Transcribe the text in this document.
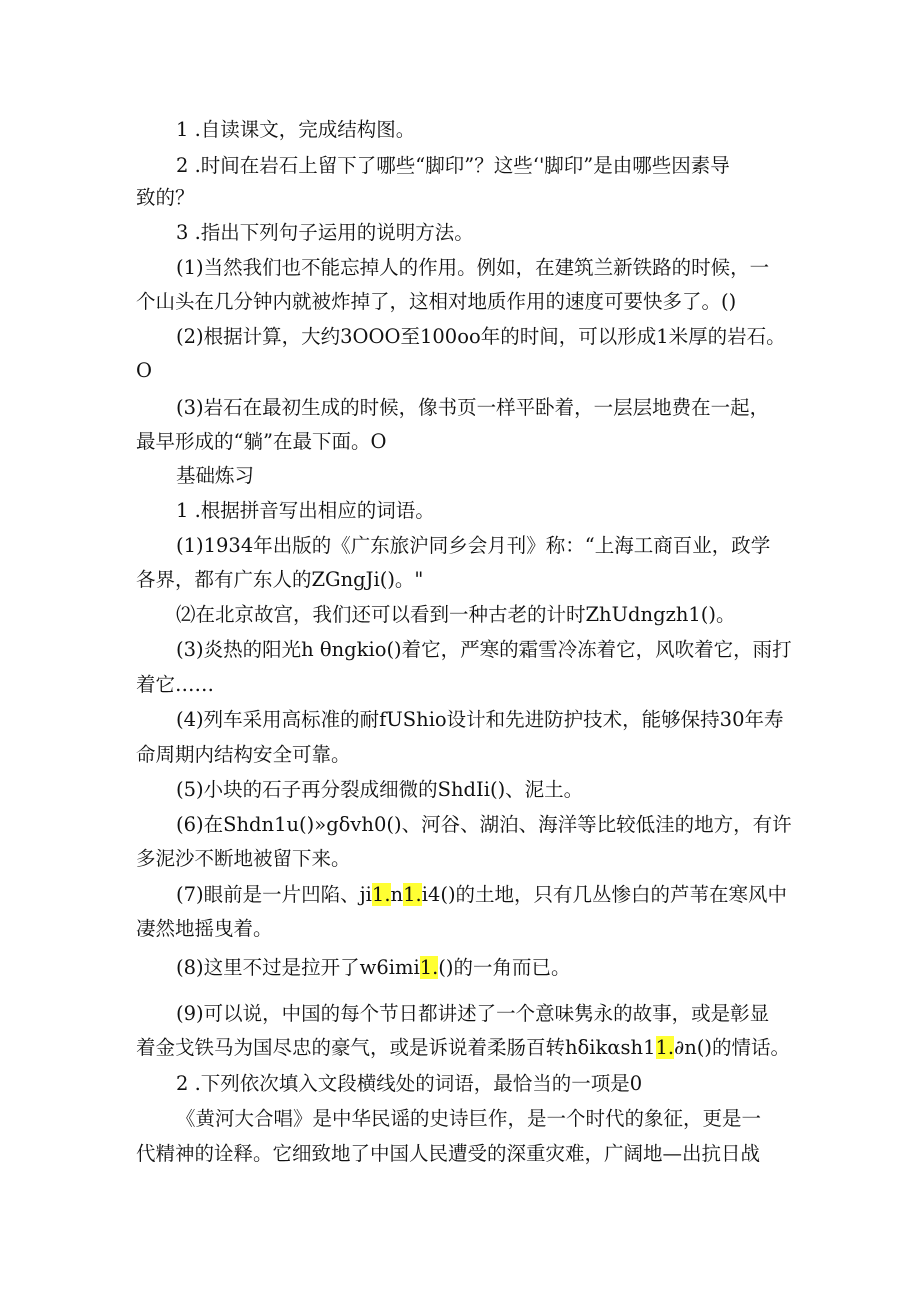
1 .自读课文，完成结构图。
2 .时间在岩石上留下了哪些“脚印”？这些‘'脚印”是由哪些因素导
致的？
3 .指出下列句子运用的说明方法。
(1)当然我们也不能忘掉人的作用。例如，在建筑兰新铁路的时候，一
个山头在几分钟内就被炸掉了，这相对地质作用的速度可要快多了。()
(2)根据计算，大约3OOO至100oo年的时间，可以形成1米厚的岩石。
O
(3)岩石在最初生成的时候，像书页一样平卧着，一层层地费在一起，
最早形成的“躺”在最下面。O
基础炼习
1 .根据拼音写出相应的词语。
(1)1934年出版的《广东旅沪同乡会月刊》称：“上海工商百业，政学
各界，都有广东人的ZGngJi()。"
⑵在北京故宫，我们还可以看到一种古老的计时ZhUdngzh1()。
(3)炎热的阳光h θngkio()着它，严寒的霜雪冷冻着它，风吹着它，雨打
着它……
(4)列车采用高标准的耐fUShio设计和先进防护技术，能够保持30年寿
命周期内结构安全可靠。
(5)小块的石子再分裂成细微的ShdIi()、泥土。
(6)在Shdn1u()»gδvh0()、河谷、湖泊、海洋等比较低洼的地方，有许
多泥沙不断地被留下来。
(7)眼前是一片凹陷、ji1.n1.i4()的土地，只有几丛惨白的芦苇在寒风中
凄然地摇曳着。
(8)这里不过是拉开了w6imi1.()的一角而已。
(9)可以说，中国的每个节日都讲述了一个意味隽永的故事，或是彰显
着金戈铁马为国尽忠的豪气，或是诉说着柔肠百转hδikαsh11.∂n()的情话。
2 .下列依次填入文段横线处的词语，最恰当的一项是0
《黄河大合唱》是中华民谣的史诗巨作，是一个时代的象征，更是一
代精神的诠释。它细致地了中国人民遭受的深重灾难，广阔地—出抗日战
